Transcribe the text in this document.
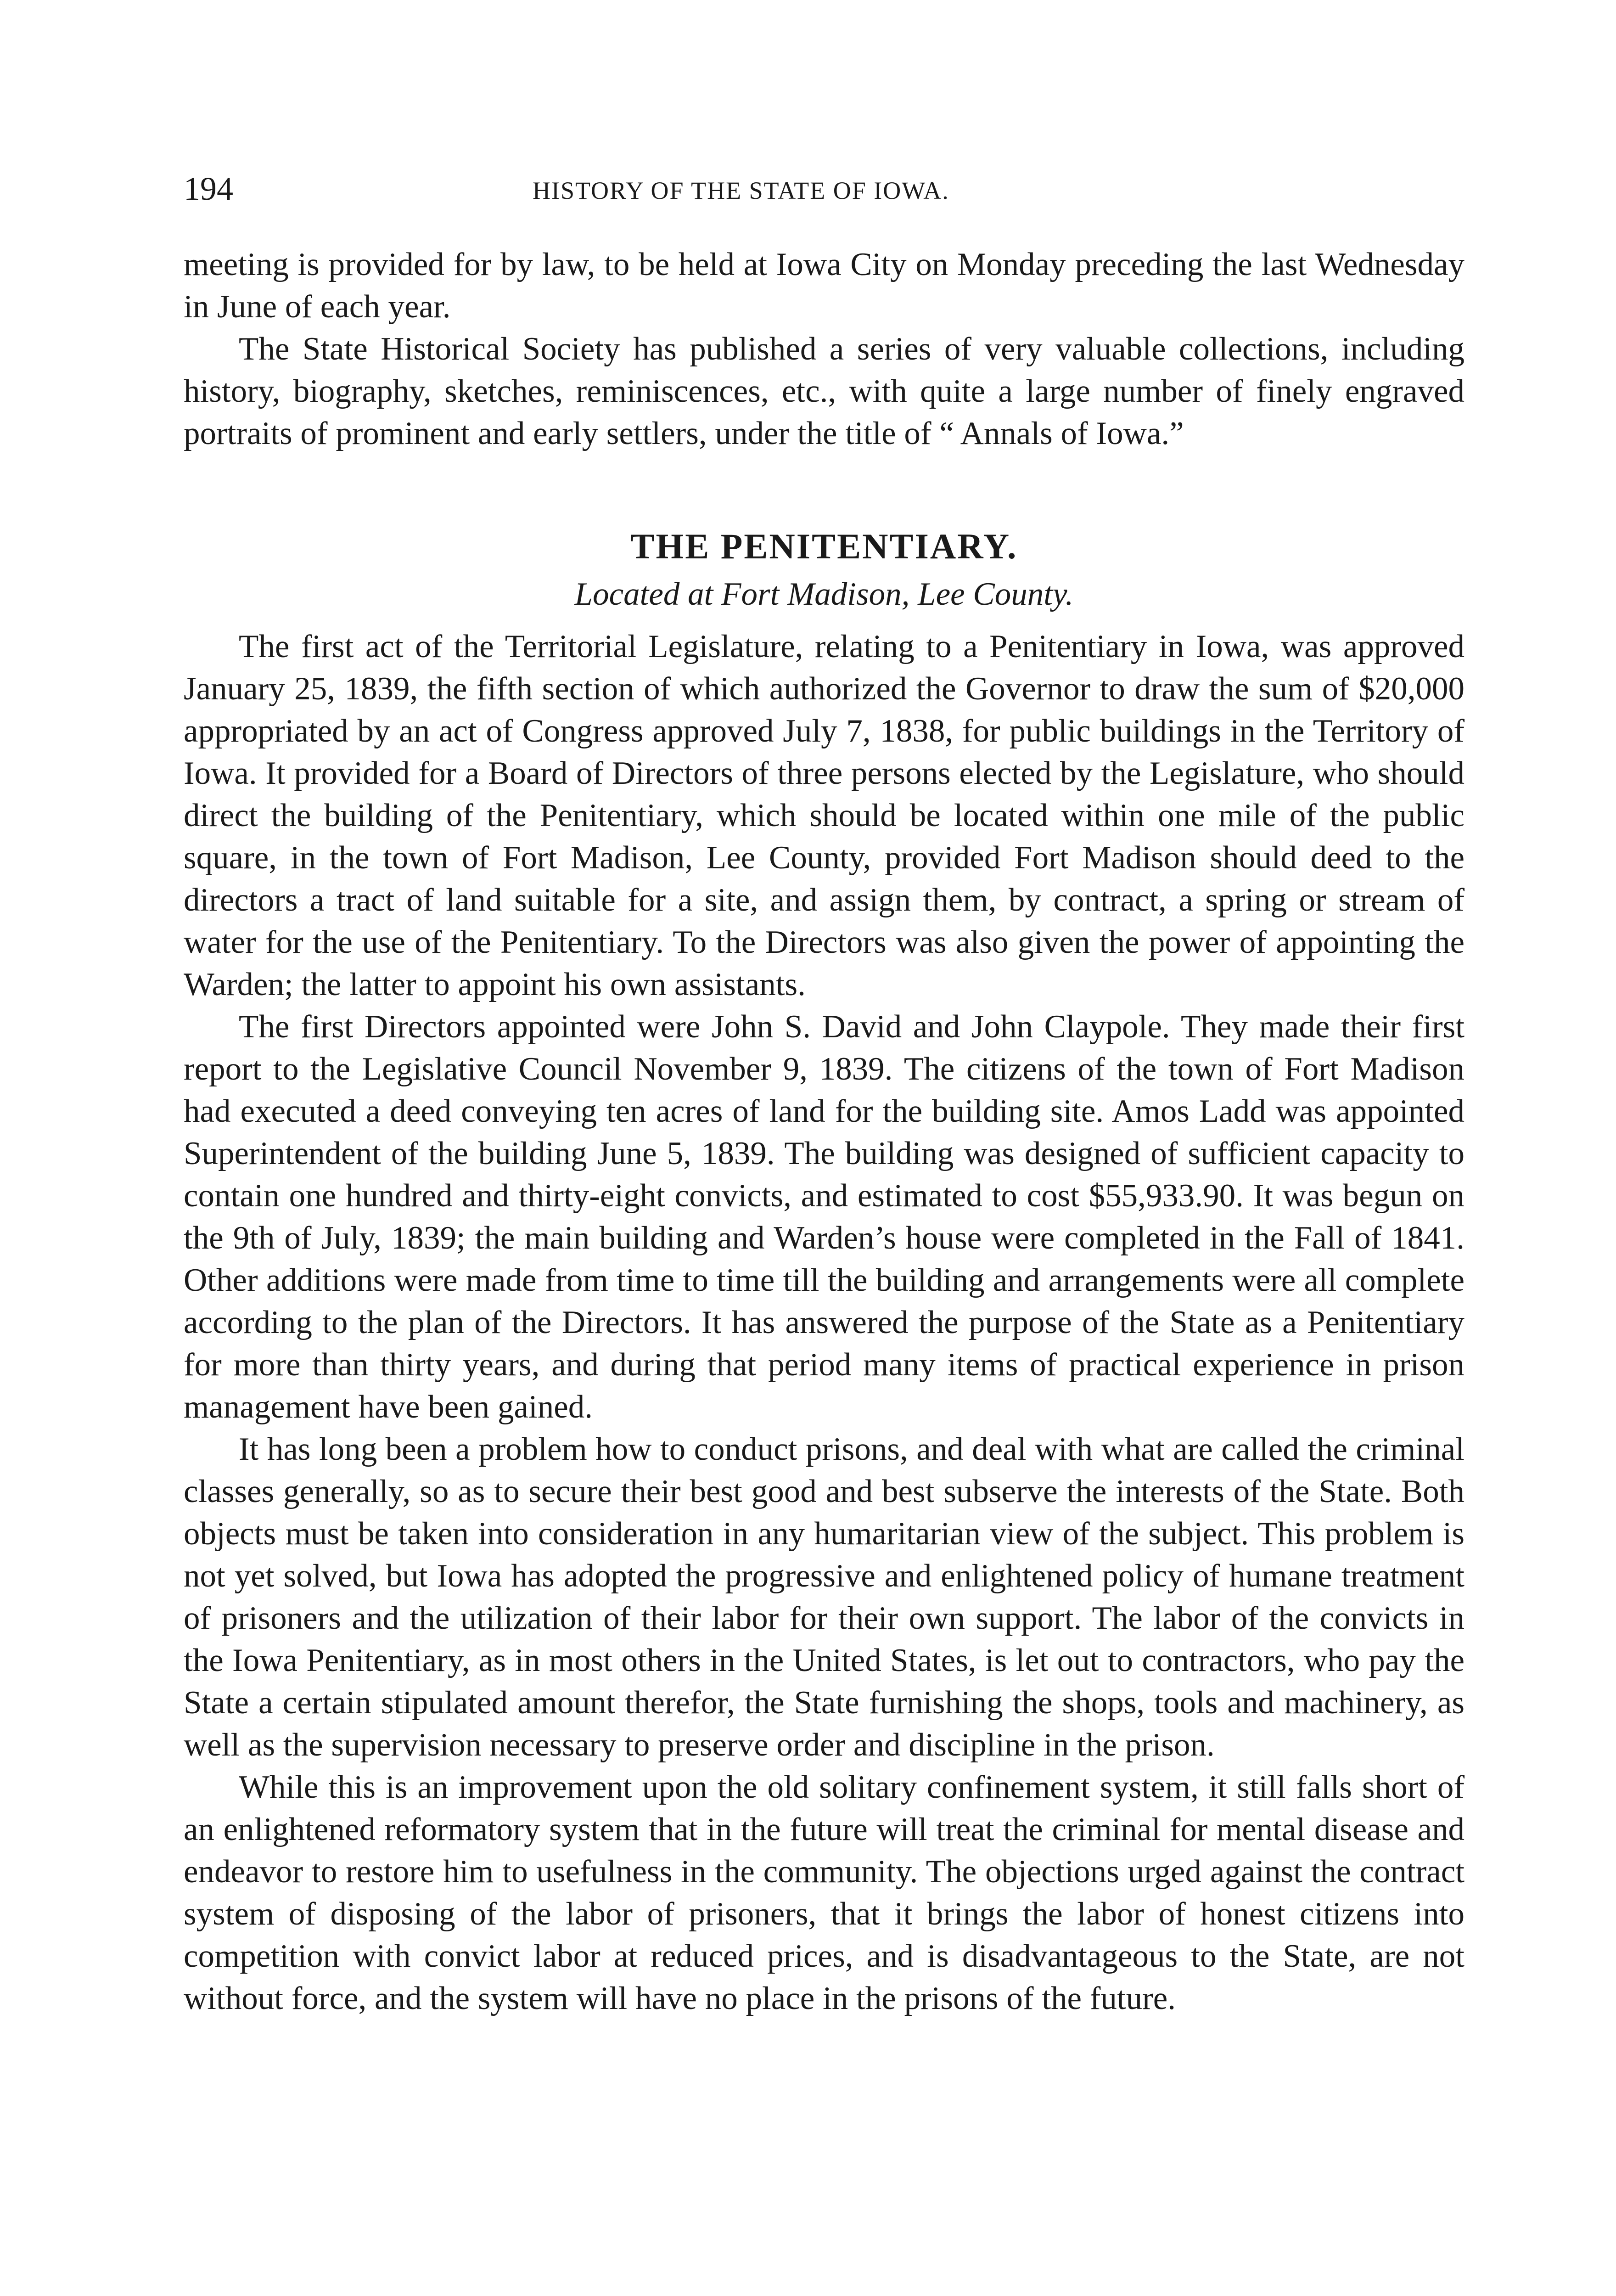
194	HISTORY OF THE STATE OF IOWA.

meeting is provided for by law, to be held at Iowa City on Monday preceding the last Wednesday in June of each year.

The State Historical Society has published a series of very valuable collections, including history, biography, sketches, reminiscences, etc., with quite a large number of finely engraved portraits of prominent and early settlers, under the title of “ Annals of Iowa.”

THE PENITENTIARY.
Located at Fort Madison, Lee County.

The first act of the Territorial Legislature, relating to a Penitentiary in Iowa, was approved January 25, 1839, the fifth section of which authorized the Governor to draw the sum of $20,000 appropriated by an act of Congress approved July 7, 1838, for public buildings in the Territory of Iowa. It provided for a Board of Directors of three persons elected by the Legislature, who should direct the building of the Penitentiary, which should be located within one mile of the public square, in the town of Fort Madison, Lee County, provided Fort Madison should deed to the directors a tract of land suitable for a site, and assign them, by contract, a spring or stream of water for the use of the Penitentiary. To the Directors was also given the power of appointing the Warden; the latter to appoint his own assistants.

The first Directors appointed were John S. David and John Claypole. They made their first report to the Legislative Council November 9, 1839. The citizens of the town of Fort Madison had executed a deed conveying ten acres of land for the building site. Amos Ladd was appointed Superintendent of the building June 5, 1839. The building was designed of sufficient capacity to contain one hundred and thirty-eight convicts, and estimated to cost $55,933.90. It was begun on the 9th of July, 1839; the main building and Warden’s house were completed in the Fall of 1841. Other additions were made from time to time till the building and arrangements were all complete according to the plan of the Directors. It has answered the purpose of the State as a Penitentiary for more than thirty years, and during that period many items of practical experience in prison management have been gained.

It has long been a problem how to conduct prisons, and deal with what are called the criminal classes generally, so as to secure their best good and best subserve the interests of the State. Both objects must be taken into consideration in any humaritarian view of the subject. This problem is not yet solved, but Iowa has adopted the progressive and enlightened policy of humane treatment of prisoners and the utilization of their labor for their own support. The labor of the convicts in the Iowa Penitentiary, as in most others in the United States, is let out to contractors, who pay the State a certain stipulated amount therefor, the State furnishing the shops, tools and machinery, as well as the supervision necessary to preserve order and discipline in the prison.

While this is an improvement upon the old solitary confinement system, it still falls short of an enlightened reformatory system that in the future will treat the criminal for mental disease and endeavor to restore him to usefulness in the community. The objections urged against the contract system of disposing of the labor of prisoners, that it brings the labor of honest citizens into competition with convict labor at reduced prices, and is disadvantageous to the State, are not without force, and the system will have no place in the prisons of the future.
